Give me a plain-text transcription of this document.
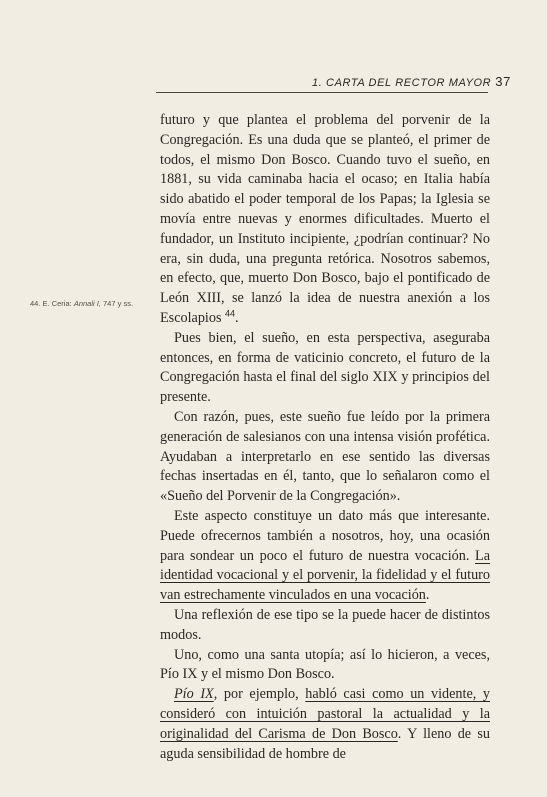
1. CARTA DEL RECTOR MAYOR 37
44. E. Ceria: Annali I, 747 y ss.

futuro y que plantea el problema del porvenir de la Congregación. Es una duda que se planteó, el primer de todos, el mismo Don Bosco. Cuando tuvo el sueño, en 1881, su vida caminaba hacia el ocaso; en Italia había sido abatido el poder temporal de los Papas; la Iglesia se movía entre nuevas y enormes dificultades. Muerto el fundador, un Instituto incipiente, ¿podrían continuar? No era, sin duda, una pregunta retórica. Nosotros sabemos, en efecto, que, muerto Don Bosco, bajo el pontificado de León XIII, se lanzó la idea de nuestra anexión a los Escolapios $^{44}$.

Pues bien, el sueño, en esta perspectiva, aseguraba entonces, en forma de vaticinio concreto, el futuro de la Congregación hasta el final del siglo XIX y principios del presente.

Con razón, pues, este sueño fue leído por la primera generación de salesianos con una intensa visión profética. Ayudaban a interpretarlo en ese sentido las diversas fechas insertadas en él, tanto, que lo señalaron como el «Sueño del Porvenir de la Congregación».

Este aspecto constituye un dato más que interesante. Puede ofrecernos también a nosotros, hoy, una ocasión para sondear un poco el futuro de nuestra vocación. La identidad vocacional y el porvenir, la fidelidad y el futuro van estrechamente vinculados en una vocación.

Una reflexión de ese tipo se la puede hacer de distintos modos.

Uno, como una santa utopía; así lo hicieron, a veces, Pío IX y el mismo Don Bosco.

Pío IX, por ejemplo, habló casi como un vidente, y consideró con intuición pastoral la actualidad y la originalidad del Carisma de Don Bosco. Y lleno de su aguda sensibilidad de hombre de
